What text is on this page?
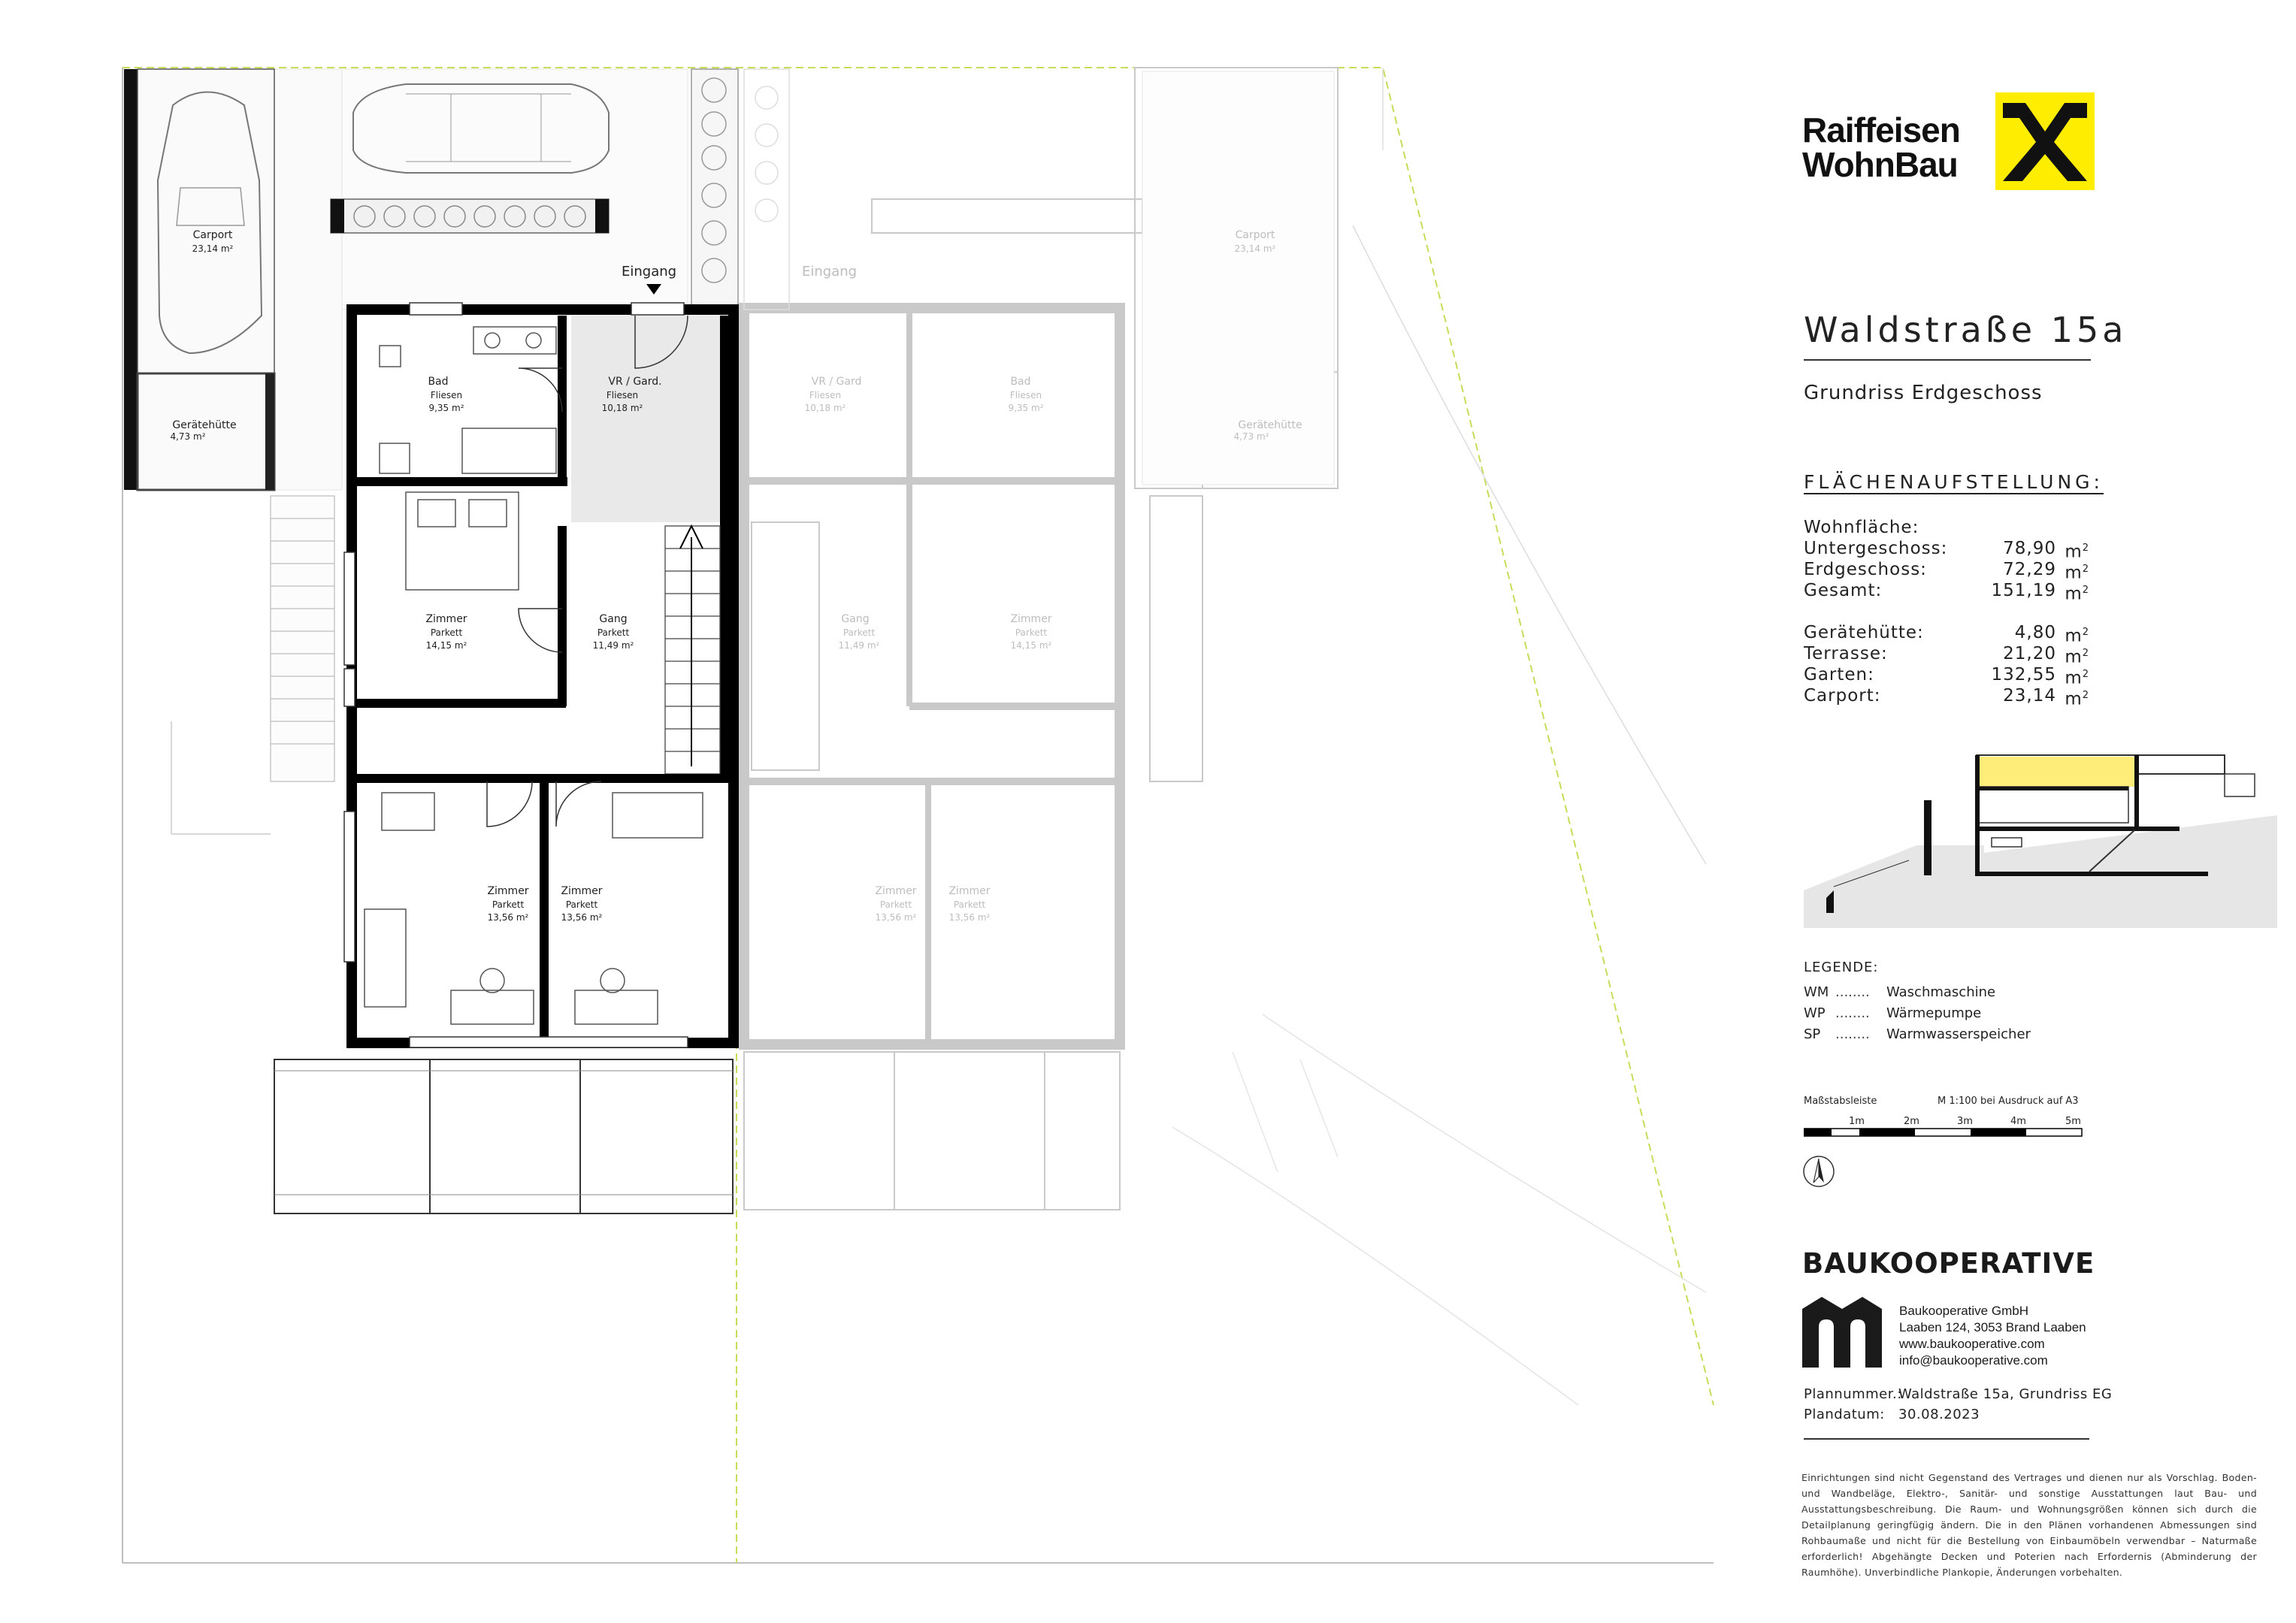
Eingang	Eingang
Carport
23,14 m²
Gerätehütte
4,73 m²
Bad
Fliesen
9,35 m²
VR / Gard.
Fliesen
10,18 m²
Zimmer
Parkett
14,15 m²
Gang
Parkett
11,49 m²
Zimmer
Parkett
13,56 m²
Zimmer
Parkett
13,56 m²
Carport
23,14 m²
Gerätehütte
4,73 m²
VR / Gard
Fliesen
10,18 m²
Bad
Fliesen
9,35 m²
Gang
Parkett
11,49 m²
Zimmer
Parkett
14,15 m²
Zimmer
Parkett
13,56 m²
Zimmer
Parkett
13,56 m²
Raiffeisen
WohnBau
Waldstraße 15a
Grundriss Erdgeschoss
FLÄCHENAUFSTELLUNG:
Wohnfläche:
Untergeschoss:	78,90 $m^2$
Erdgeschoss:	72,29 $m^2$
Gesamt:	151,19 $m^2$
Gerätehütte:	4,80 $m^2$
Terrasse:	21,20 $m^2$
Garten:	132,55 $m^2$
Carport:	23,14 $m^2$
LEGENDE:
WM ........	Waschmaschine
WP ........	Wärmepumpe
SP	........	Warmwasserspeicher
Maßstabsleiste	M 1:100 bei Ausdruck auf A3
1m	2m	3m	4m	5m
BAUKOOPERATIVE
Baukooperative GmbH
Laaben 124, 3053 Brand Laaben
www.baukooperative.com
info@baukooperative.com
Plannummer.:
Waldstraße 15a, Grundriss EG
Plandatum: 30.08.2023
Einrichtungen sind nicht Gegenstand des Vertrages und dienen nur als Vorschlag. Boden- und Wandbeläge, Elektro-, Sanitär- und sonstige Ausstattungen laut Bau- und Ausstattungsbeschreibung. Die Raum- und Wohnungsgrößen können sich durch die Detailplanung geringfügig ändern. Die in den Plänen vorhandenen Abmessungen sind Rohbaumaße und nicht für die Bestellung von Einbaumöbeln verwendbar – Naturmaße erforderlich! Abgehängte Decken und Poterien nach Erfordernis (Abminderung der Raumhöhe). Unverbindliche Plankopie, Änderungen vorbehalten.
